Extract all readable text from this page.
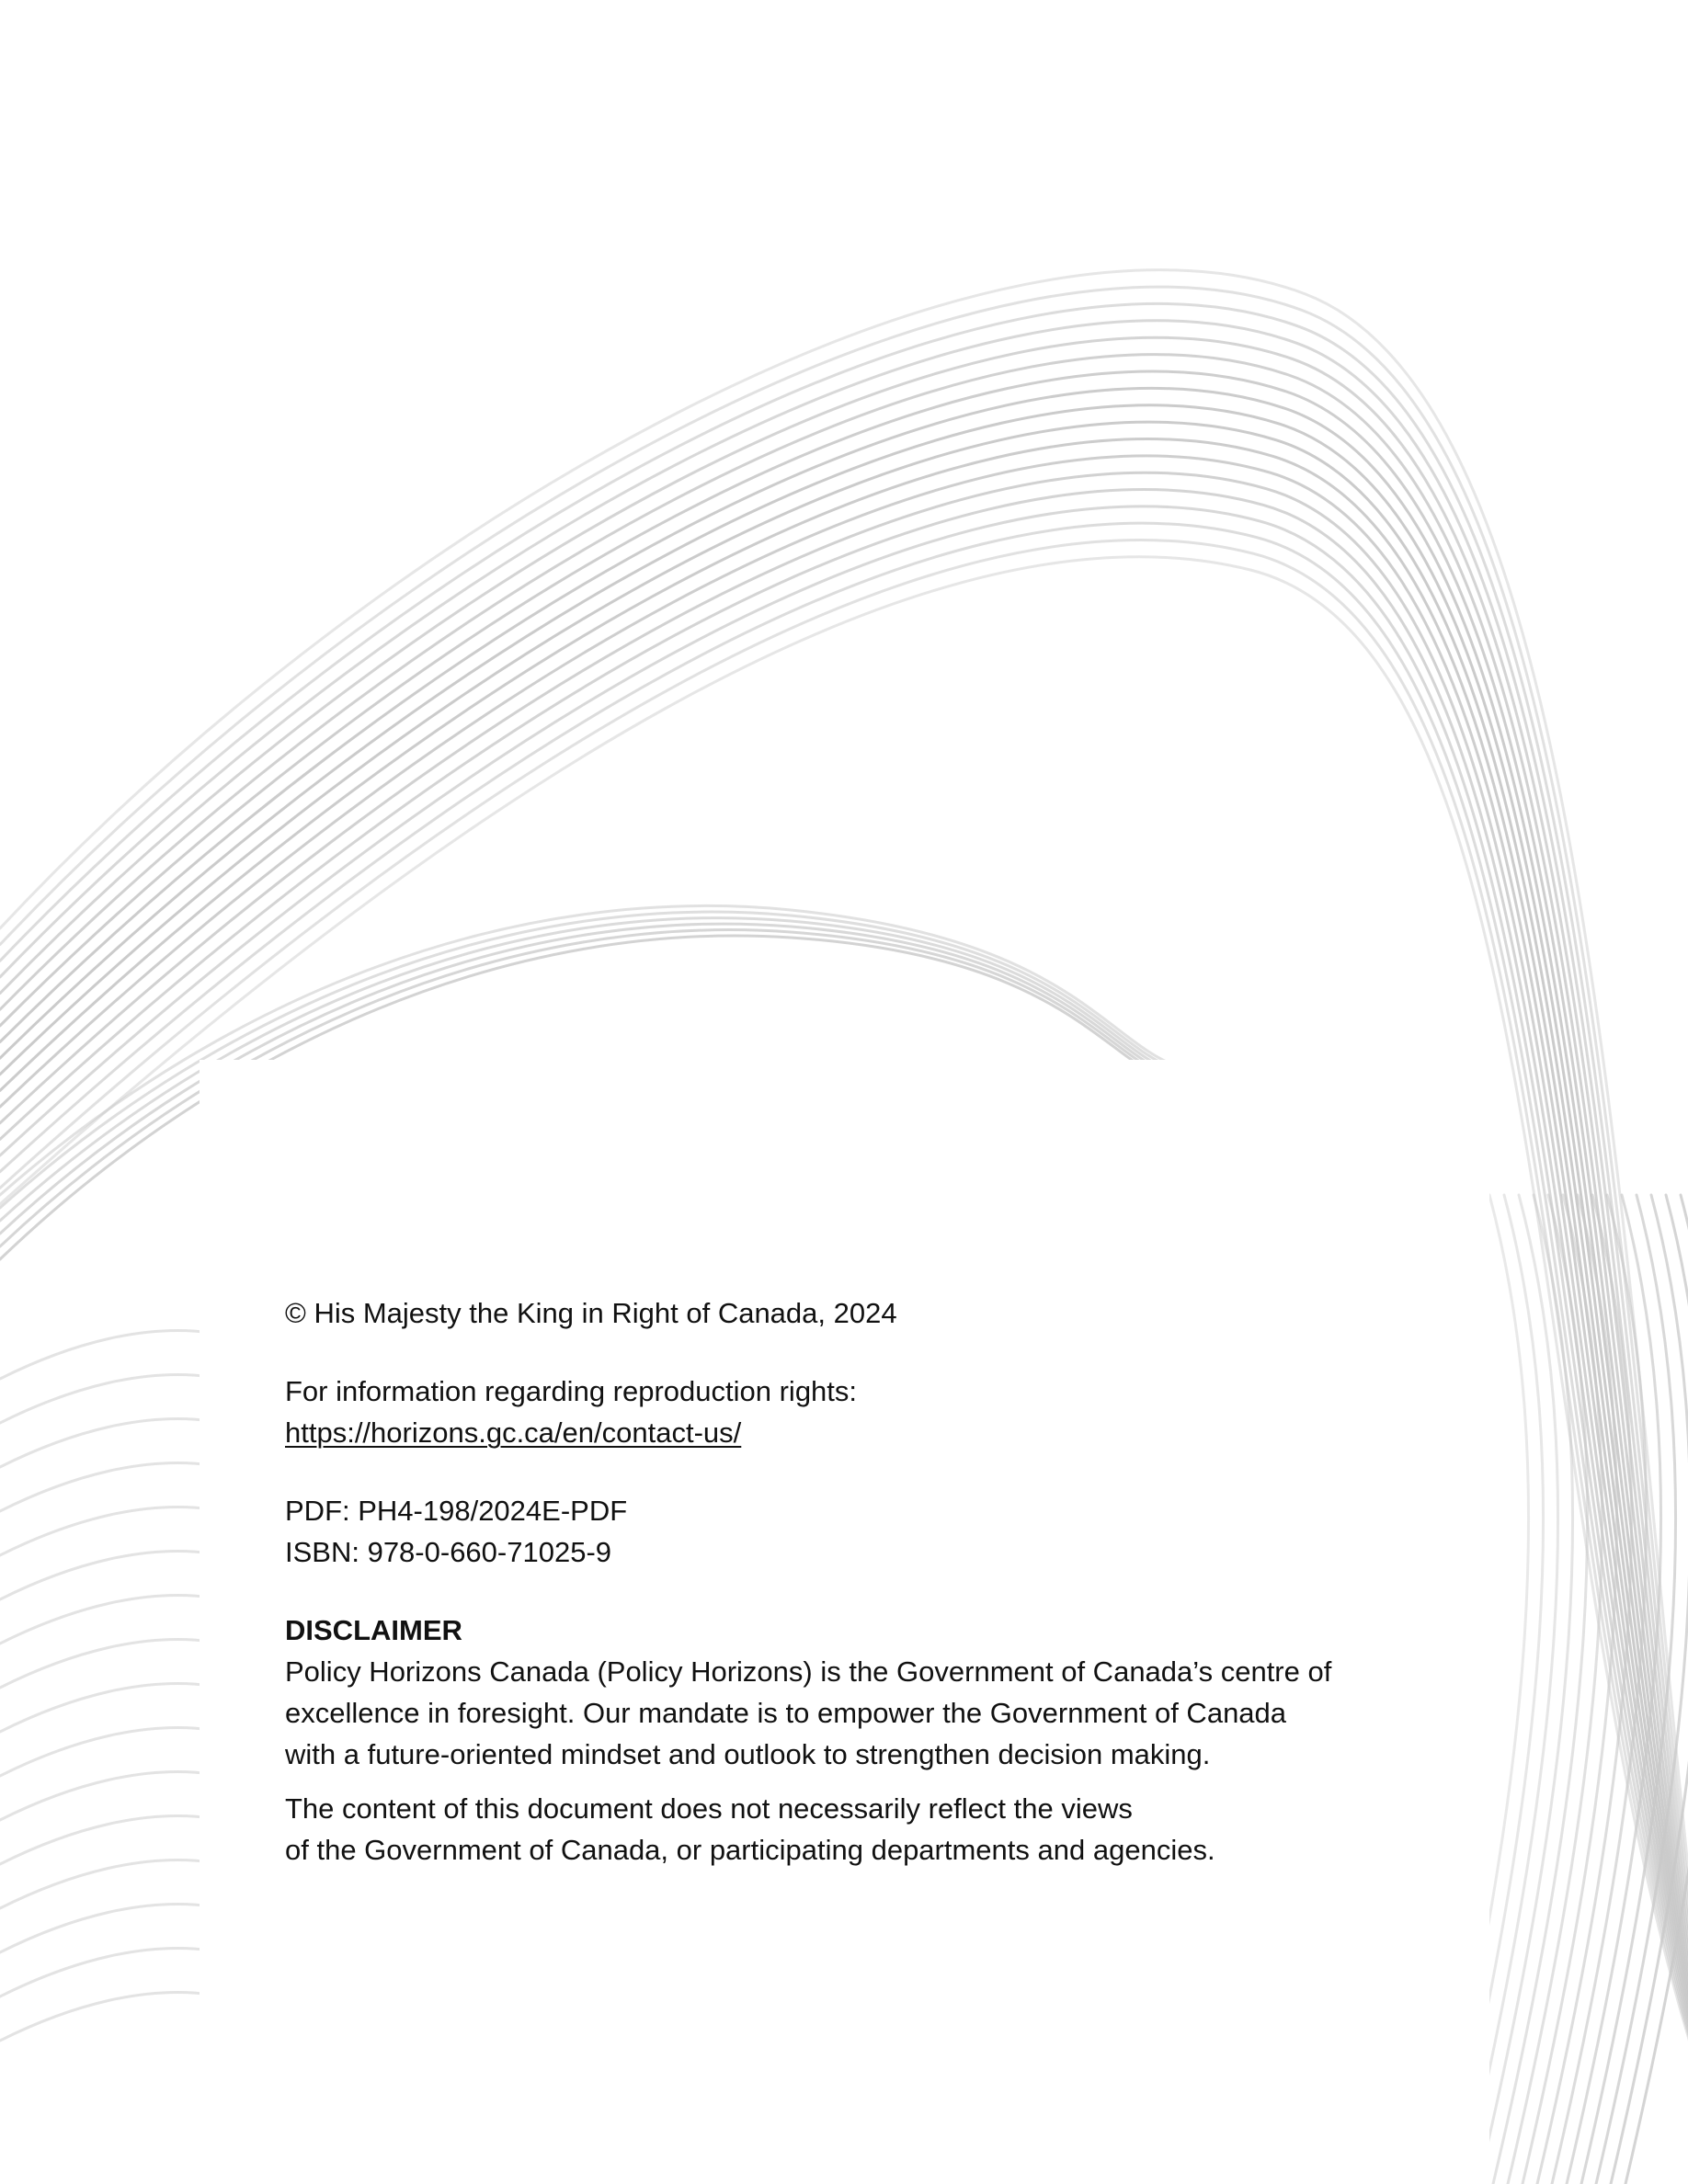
© His Majesty the King in Right of Canada, 2024

For information regarding reproduction rights:

https://horizons.gc.ca/en/contact-us/

PDF: PH4-198/2024E-PDF

ISBN: 978-0-660-71025-9

DISCLAIMER

Policy Horizons Canada (Policy Horizons) is the Government of Canada’s centre of

excellence in foresight. Our mandate is to empower the Government of Canada

with a future-oriented mindset and outlook to strengthen decision making.

The content of this document does not necessarily reflect the views

of the Government of Canada, or participating departments and agencies.
